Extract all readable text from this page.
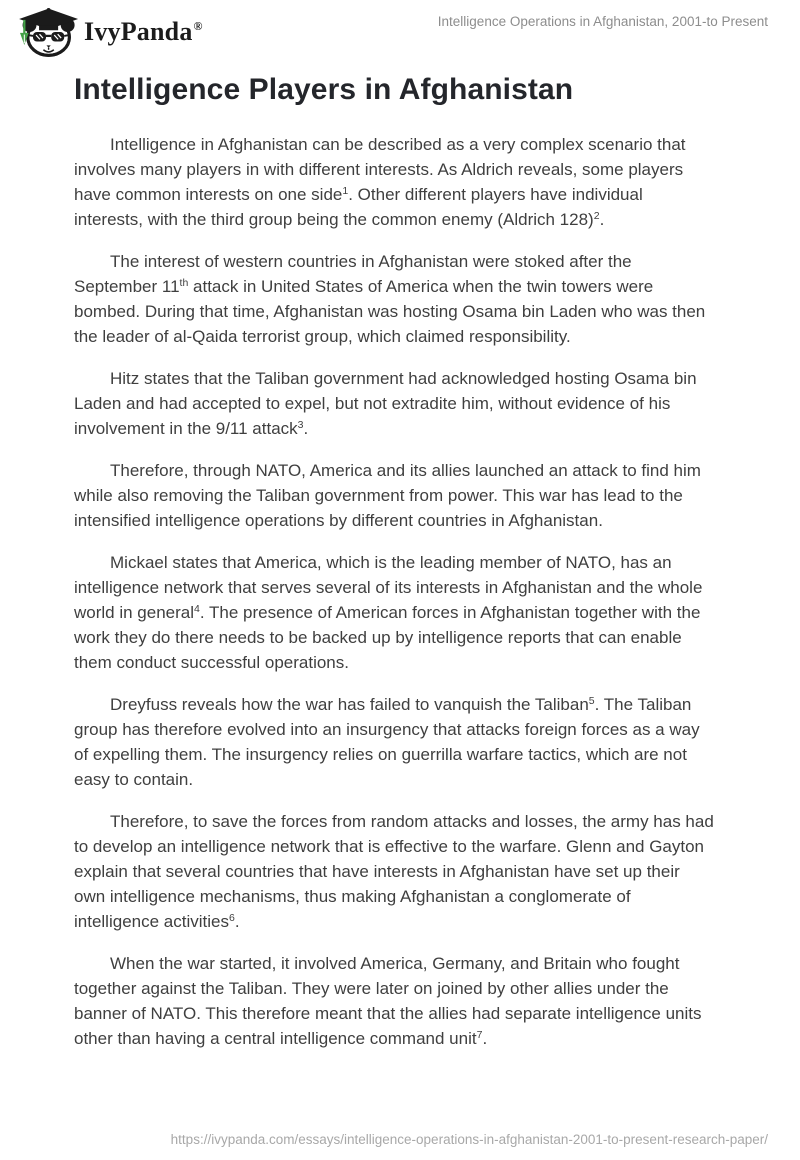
IvyPanda®	Intelligence Operations in Afghanistan, 2001-to Present
Intelligence Players in Afghanistan

Intelligence in Afghanistan can be described as a very complex scenario that involves many players in with different interests. As Aldrich reveals, some players have common interests on one side$^1$. Other different players have individual interests, with the third group being the common enemy (Aldrich 128)$^2$.

The interest of western countries in Afghanistan were stoked after the September 11th attack in United States of America when the twin towers were bombed. During that time, Afghanistan was hosting Osama bin Laden who was then the leader of al-Qaida terrorist group, which claimed responsibility.

Hitz states that the Taliban government had acknowledged hosting Osama bin Laden and had accepted to expel, but not extradite him, without evidence of his involvement in the 9/11 attack$^3$.

Therefore, through NATO, America and its allies launched an attack to find him while also removing the Taliban government from power. This war has lead to the intensified intelligence operations by different countries in Afghanistan.

Mickael states that America, which is the leading member of NATO, has an intelligence network that serves several of its interests in Afghanistan and the whole world in general$^4$. The presence of American forces in Afghanistan together with the work they do there needs to be backed up by intelligence reports that can enable them conduct successful operations.

Dreyfuss reveals how the war has failed to vanquish the Taliban$^5$. The Taliban group has therefore evolved into an insurgency that attacks foreign forces as a way of expelling them. The insurgency relies on guerrilla warfare tactics, which are not easy to contain.

Therefore, to save the forces from random attacks and losses, the army has had to develop an intelligence network that is effective to the warfare. Glenn and Gayton explain that several countries that have interests in Afghanistan have set up their own intelligence mechanisms, thus making Afghanistan a conglomerate of intelligence activities$^6$.

When the war started, it involved America, Germany, and Britain who fought together against the Taliban. They were later on joined by other allies under the banner of NATO. This therefore meant that the allies had separate intelligence units other than having a central intelligence command unit$^7$.

https://ivypanda.com/essays/intelligence-operations-in-afghanistan-2001-to-present-research-paper/
